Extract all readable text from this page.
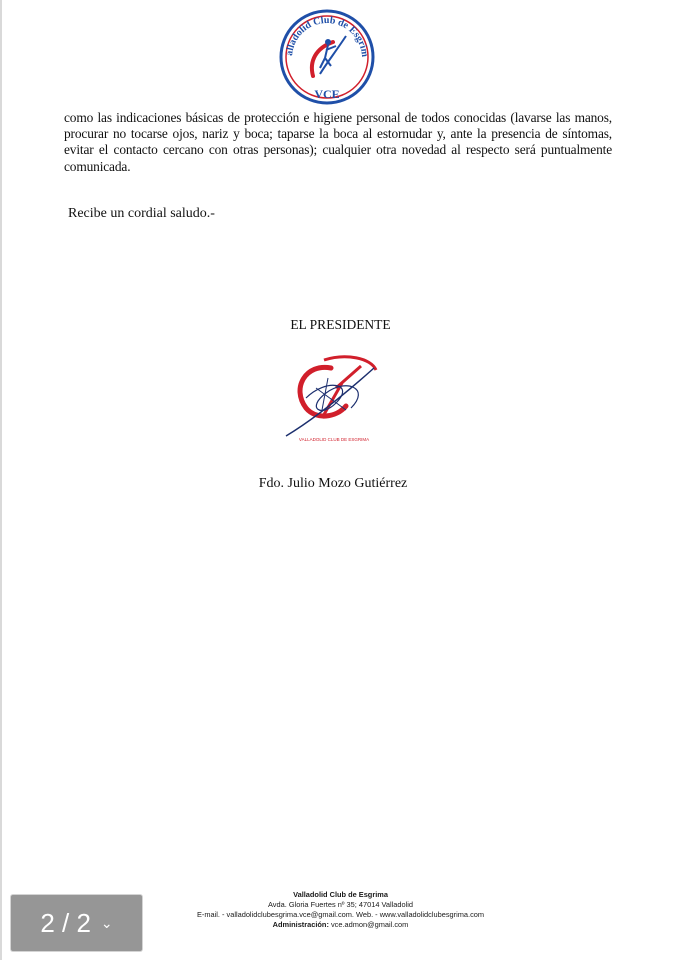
alladolid Club de Esgrim
VCE

como las indicaciones básicas de protección e higiene personal de todos conocidas (lavarse las manos, procurar no tocarse ojos, nariz y boca; taparse la boca al estornudar y, ante la presencia de síntomas, evitar el contacto cercano con otras personas); cualquier otra novedad al respecto será puntualmente comunicada.

Recibe un cordial saludo.-

EL PRESIDENTE
VALLADOLID CLUB DE ESGRIMA
Fdo. Julio Mozo Gutiérrez
Valladolid Club de Esgrima
Avda. Gloria Fuertes nº 35; 47014 Valladolid
E-mail. - valladolidclubesgrima.vce@gmail.com. Web. - www.valladolidclubesgrima.com
Administración: vce.admon@gmail.com
2 / 2 ⌄
